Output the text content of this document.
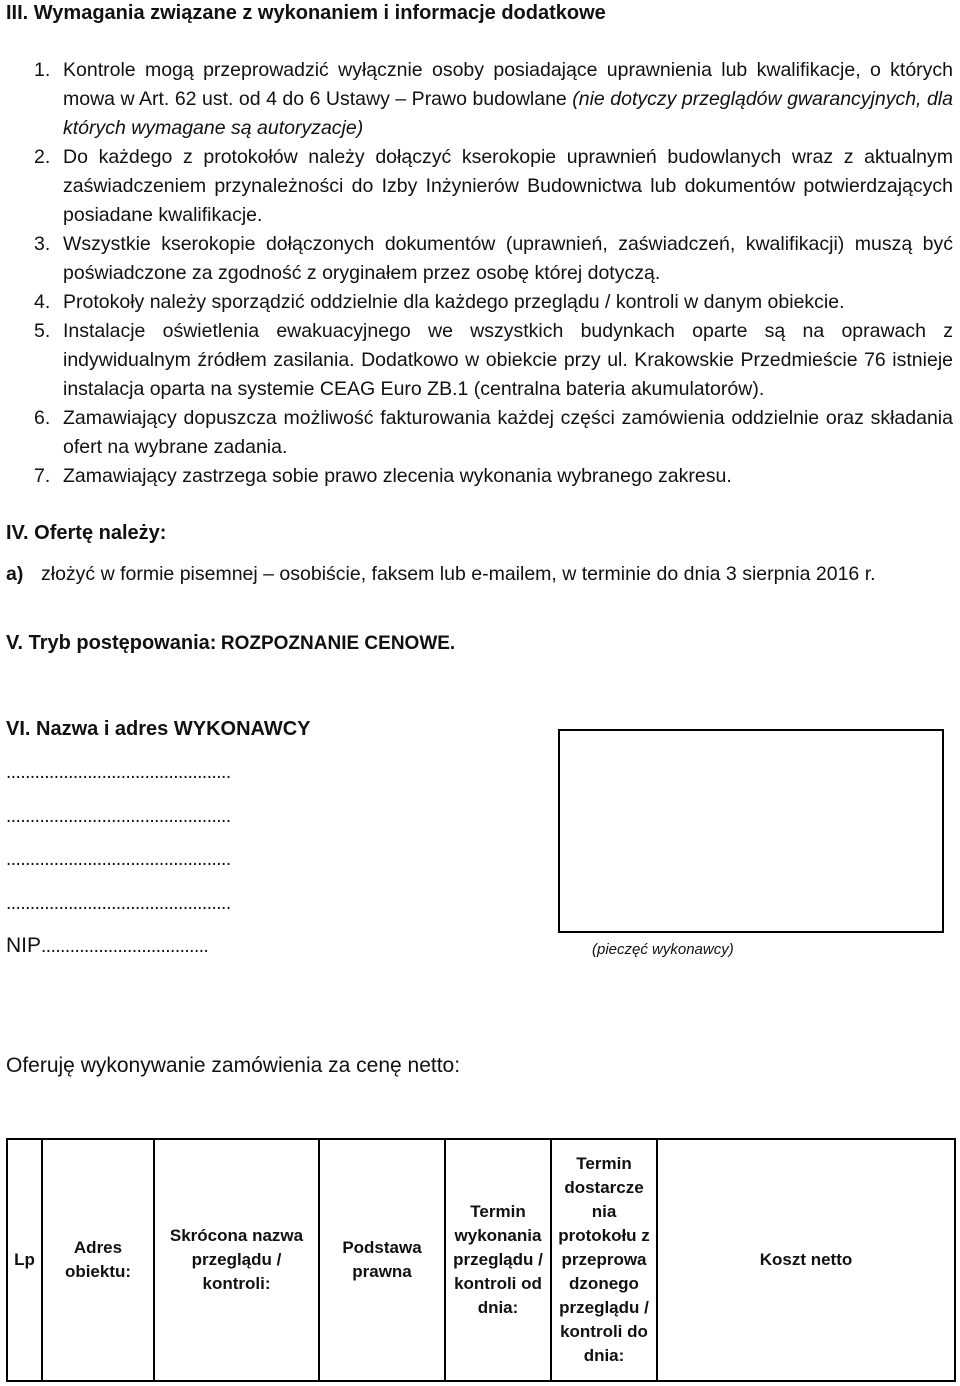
III. Wymagania związane z wykonaniem i informacje dodatkowe
1. Kontrole mogą przeprowadzić wyłącznie osoby posiadające uprawnienia lub kwalifikacje, o których mowa w Art. 62 ust. od 4 do 6 Ustawy – Prawo budowlane (nie dotyczy przeglądów gwarancyjnych, dla których wymagane są autoryzacje)
2. Do każdego z protokołów należy dołączyć kserokopie uprawnień budowlanych wraz z aktualnym zaświadczeniem przynależności do Izby Inżynierów Budownictwa lub dokumentów potwierdzających posiadane kwalifikacje.
3. Wszystkie kserokopie dołączonych dokumentów (uprawnień, zaświadczeń, kwalifikacji) muszą być poświadczone za zgodność z oryginałem przez osobę której dotyczą.
4. Protokoły należy sporządzić oddzielnie dla każdego przeglądu / kontroli w danym obiekcie.
5. Instalacje oświetlenia ewakuacyjnego we wszystkich budynkach oparte są na oprawach z indywidualnym źródłem zasilania. Dodatkowo w obiekcie przy ul. Krakowskie Przedmieście 76 istnieje instalacja oparta na systemie CEAG Euro ZB.1 (centralna bateria akumulatorów).
6. Zamawiający dopuszcza możliwość fakturowania każdej części zamówienia oddzielnie oraz składania ofert na wybrane zadania.
7. Zamawiający zastrzega sobie prawo zlecenia wykonania wybranego zakresu.
IV. Ofertę należy:
a) złożyć w formie pisemnej – osobiście, faksem lub e-mailem, w terminie do dnia 3 sierpnia 2016 r.
V. Tryb postępowania: ROZPOZNANIE CENOWE.
VI. Nazwa i adres WYKONAWCY
...............................................
...............................................
...............................................
...............................................
NIP...................................	(pieczęć wykonawcy)
Oferuję wykonywanie zamówienia za cenę netto:
Lp	Adres obiektu:	Skrócona nazwa przeglądu / kontroli:	Podstawa prawna	Termin wykonania przeglądu / kontroli od dnia:	Termin dostarcze nia protokołu z przeprowa dzonego przeglądu / kontroli do dnia:	Koszt netto
